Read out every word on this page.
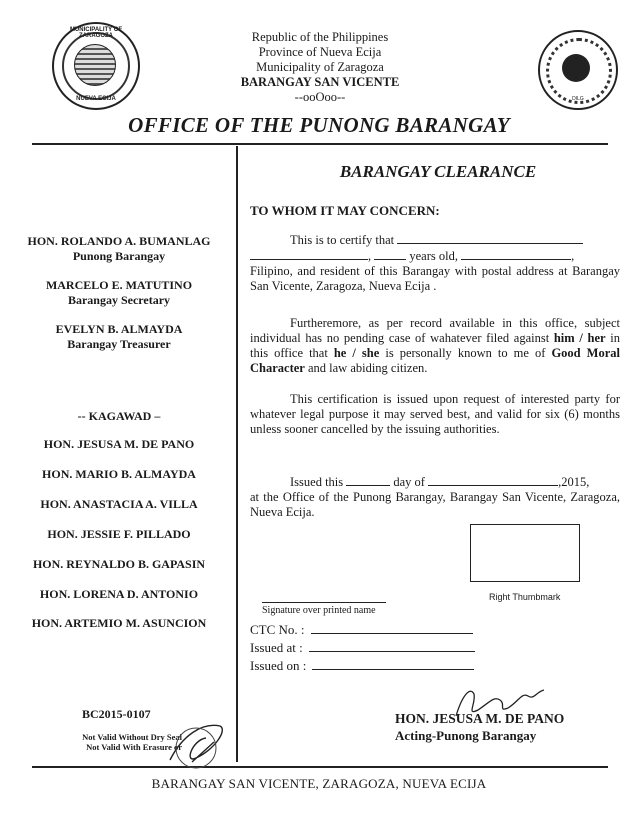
MUNICIPALITY OF ZARAGOZA
NUEVA ECIJA	DILG
Republic of the Philippines
Province of Nueva Ecija
Municipality of Zaragoza
BARANGAY SAN VICENTE
--ooOoo--
OFFICE OF THE PUNONG BARANGAY
HON. ROLANDO A. BUMANLAG
Punong Barangay
MARCELO E. MATUTINO
Barangay Secretary
EVELYN B. ALMAYDA
Barangay Treasurer
-- KAGAWAD –
HON. JESUSA M. DE PANO
HON. MARIO B. ALMAYDA
HON. ANASTACIA A. VILLA
HON. JESSIE F. PILLADO
HON. REYNALDO B. GAPASIN
HON. LORENA D. ANTONIO
HON. ARTEMIO M. ASUNCION
BC2015-0107
Not Valid Without Dry Seal
Not Valid With Erasure or
BARANGAY CLEARANCE
TO WHOM IT MAY CONCERN:
This is to certify that
,	years old,	,
Filipino, and resident of this Barangay with postal address at Barangay San Vicente, Zaragoza, Nueva Ecija .
Furtheremore, as per record available in this office, subject individual has no pending case of wahatever filed against him / her in this office that he / she is personally known to me of Good Moral Character and law abiding citizen.
This certification is issued upon request of interested party for whatever legal purpose it may served best, and valid for six (6) months unless sooner cancelled by the issuing authorities.
Issued this	day of	,2015,
at the Office of the Punong Barangay, Barangay San Vicente, Zaragoza, Nueva Ecija.
Right Thumbmark
Signature over printed name
CTC No. :
Issued at :
Issued on :
HON. JESUSA M. DE PANO
Acting-Punong Barangay
BARANGAY SAN VICENTE, ZARAGOZA, NUEVA ECIJA
